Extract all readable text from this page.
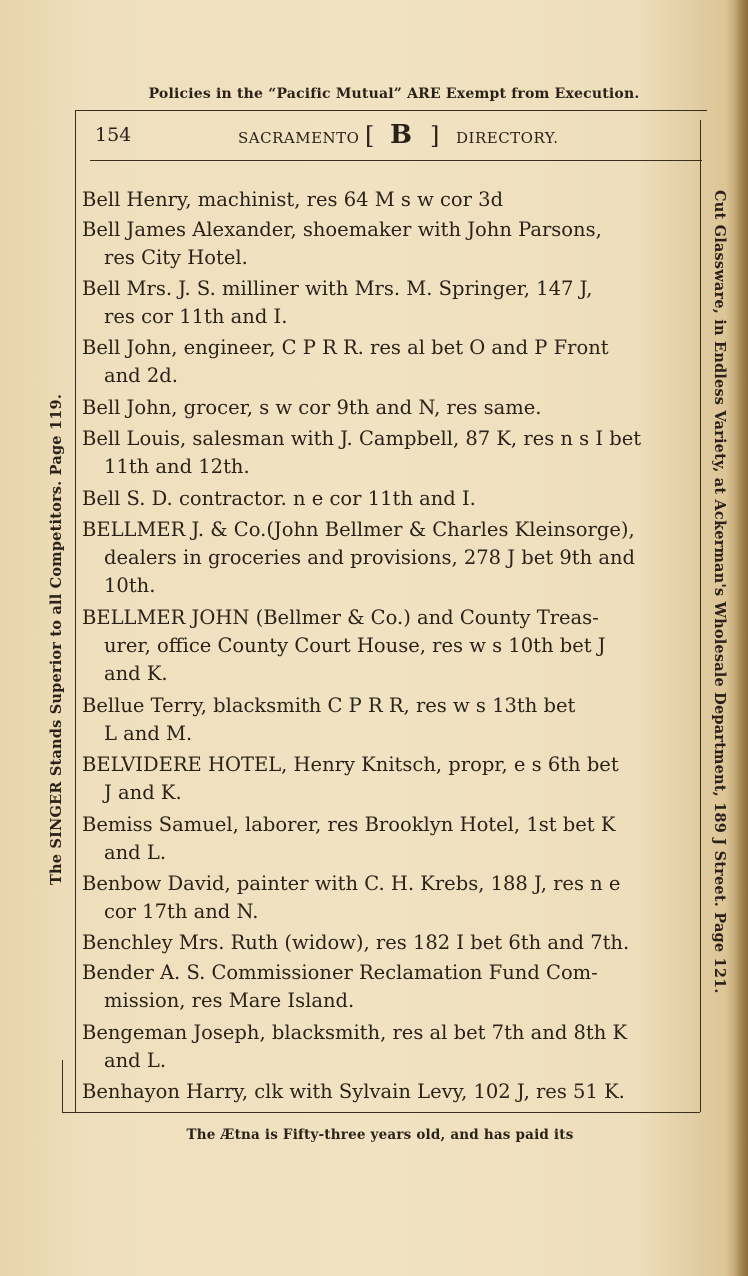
Policies in the “Pacific Mutual” ARE Exempt from Execution.
154	SACRAMENTO [ B ] DIRECTORY.
The SINGER Stands Superior to all Competitors. Page 119.	Cut Glassware, in Endless Variety, at Ackerman's Wholesale Department, 189 J Street. Page 121.
Bell Henry, machinist, res 64 M s w cor 3d
Bell James Alexander, shoemaker with John Parsons,
res City Hotel.
Bell Mrs. J. S. milliner with Mrs. M. Springer, 147 J,
res cor 11th and I.
Bell John, engineer, C P R R. res al bet O and P Front
and 2d.
Bell John, grocer, s w cor 9th and N, res same.
Bell Louis, salesman with J. Campbell, 87 K, res n s I bet
11th and 12th.
Bell S. D. contractor. n e cor 11th and I.
BELLMER J. & Co.(John Bellmer & Charles Kleinsorge),
dealers in groceries and provisions, 278 J bet 9th and
10th.
BELLMER JOHN (Bellmer & Co.) and County Treas-
urer, office County Court House, res w s 10th bet J
and K.
Bellue Terry, blacksmith C P R R, res w s 13th bet
L and M.
BELVIDERE HOTEL, Henry Knitsch, propr, e s 6th bet
J and K.
Bemiss Samuel, laborer, res Brooklyn Hotel, 1st bet K
and L.
Benbow David, painter with C. H. Krebs, 188 J, res n e
cor 17th and N.
Benchley Mrs. Ruth (widow), res 182 I bet 6th and 7th.
Bender A. S. Commissioner Reclamation Fund Com-
mission, res Mare Island.
Bengeman Joseph, blacksmith, res al bet 7th and 8th K
and L.
Benhayon Harry, clk with Sylvain Levy, 102 J, res 51 K.
The Ætna is Fifty-three years old, and has paid its
